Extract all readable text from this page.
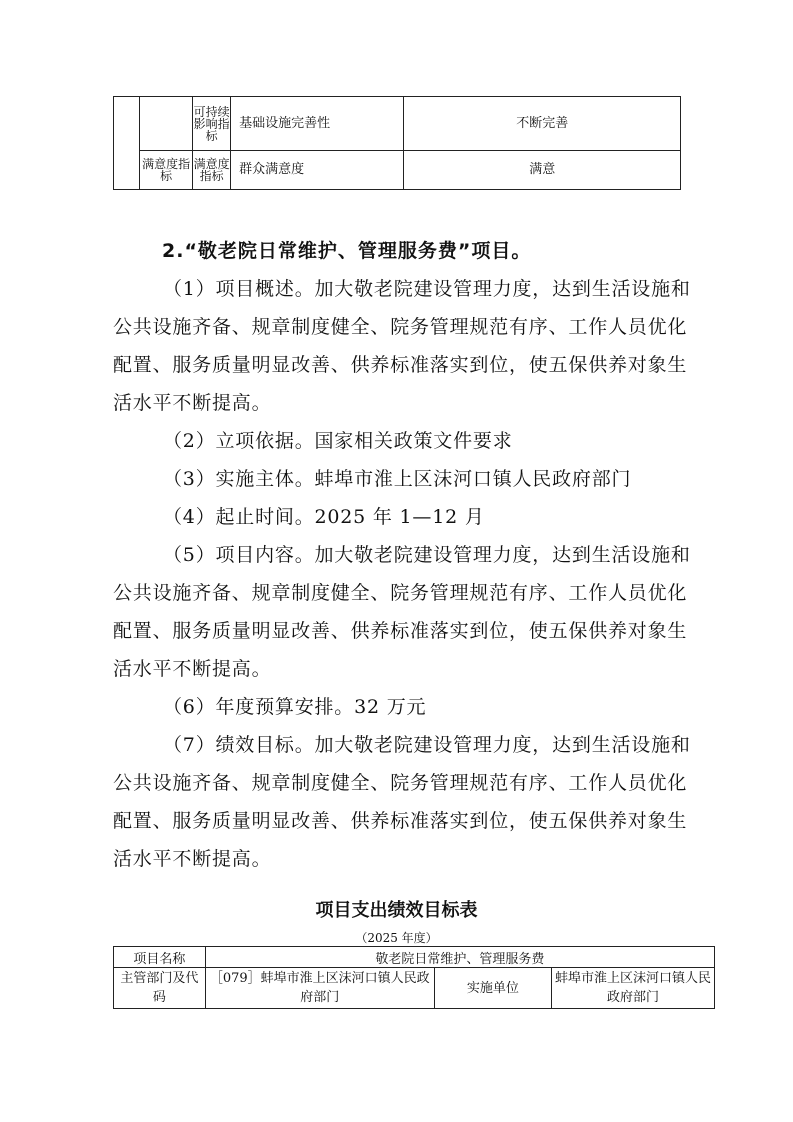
		可持续影响指标	基础设施完善性	不断完善
	满意度指标	满意度指标	群众满意度	满意

2.“敬老院日常维护、管理服务费”项目。

（1）项目概述。加大敬老院建设管理力度，达到生活设施和公共设施齐备、规章制度健全、院务管理规范有序、工作人员优化配置、服务质量明显改善、供养标准落实到位，使五保供养对象生活水平不断提高。

（2）立项依据。国家相关政策文件要求

（3）实施主体。蚌埠市淮上区沫河口镇人民政府部门

（4）起止时间。2025 年 1—12 月

（5）项目内容。加大敬老院建设管理力度，达到生活设施和公共设施齐备、规章制度健全、院务管理规范有序、工作人员优化配置、服务质量明显改善、供养标准落实到位，使五保供养对象生活水平不断提高。

（6）年度预算安排。32 万元

（7）绩效目标。加大敬老院建设管理力度，达到生活设施和公共设施齐备、规章制度健全、院务管理规范有序、工作人员优化配置、服务质量明显改善、供养标准落实到位，使五保供养对象生活水平不断提高。

项目支出绩效目标表

（2025 年度）

项目名称	敬老院日常维护、管理服务费		
主管部门及代码	［079］蚌埠市淮上区沫河口镇人民政府部门	实施单位	蚌埠市淮上区沫河口镇人民政府部门
